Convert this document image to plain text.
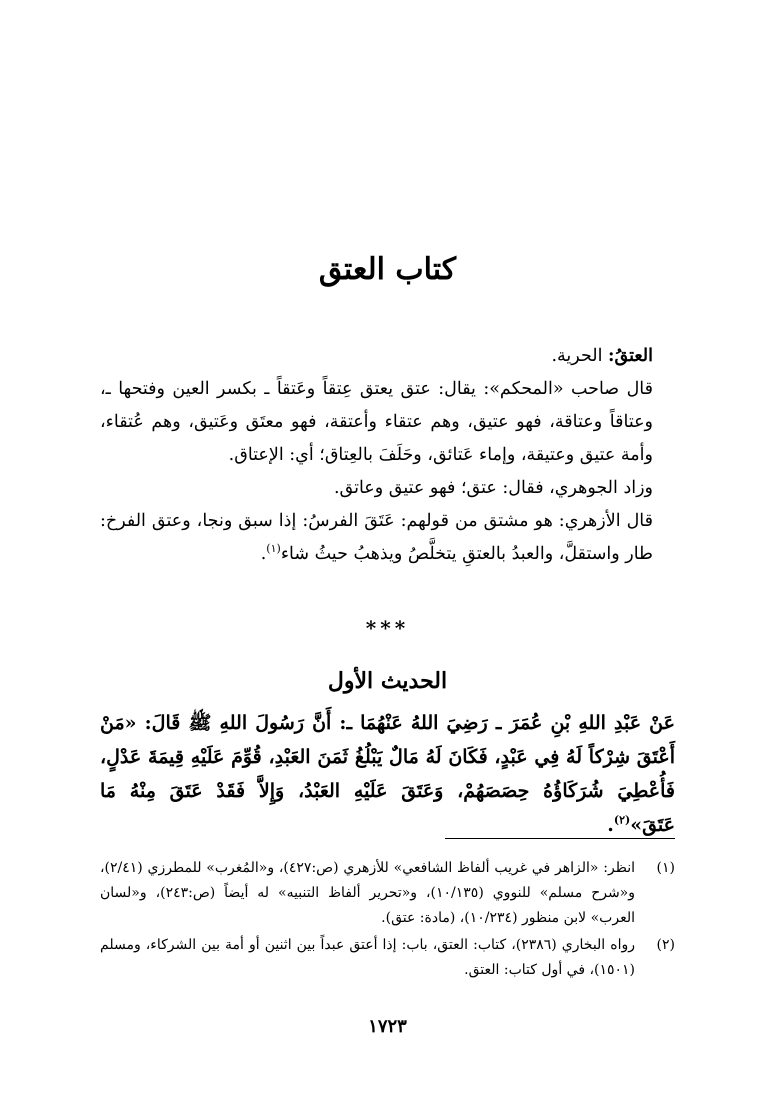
كتاب العتق

العتقُ: الحرية.

قال صاحب «المحكم»: يقال: عتق يعتق عِتقاً وعَتقاً ـ بكسر العين وفتحها ـ، وعتاقاً وعتاقة، فهو عتيق، وهم عتقاء وأعتقة، فهو معتَق وعَتيق، وهم عُتقاء، وأمة عتيق وعتيقة، وإماء عَتائق، وحَلَفَ بالعِتاق؛ أي: الإعتاق.

وزاد الجوهري، فقال: عتق؛ فهو عتيق وعاتق.

قال الأزهري: هو مشتق من قولهم: عَتَقَ الفرسُ: إذا سبق ونجا، وعتق الفرخ: طار واستقلَّ، والعبدُ بالعتقِ يتخلَّصُ ويذهبُ حيثُ شاء$^{(١)}$.

***
الحديث الأول

عَنْ عَبْدِ اللهِ بْنِ عُمَرَ ـ رَضِيَ اللهُ عَنْهُمَا ـ: أَنَّ رَسُولَ اللهِ ﷺ قَالَ: «مَنْ أَعْتَقَ شِرْكاً لَهُ فِي عَبْدٍ، فَكَانَ لَهُ مَالٌ يَبْلُغُ ثَمَنَ العَبْدِ، قُوِّمَ عَلَيْهِ قِيمَةَ عَدْلٍ، فَأُعْطِيَ شُرَكَاؤُهُ حِصَصَهُمْ، وَعَتَقَ عَلَيْهِ العَبْدُ، وَإِلاَّ فَقَدْ عَتَقَ مِنْهُ مَا عَتَقَ»$^{(٢)}$.

(١)
انظر: «الزاهر في غريب ألفاظ الشافعي» للأزهري (ص:٤٢٧)، و«المُغرب» للمطرزي (٢/٤١)، و«شرح مسلم» للنووي (١٠/١٣٥)، و«تحرير ألفاظ التنبيه» له أيضاً (ص:٢٤٣)، و«لسان العرب» لابن منظور (١٠/٢٣٤)، (مادة: عتق).
(٢)
رواه البخاري (٢٣٨٦)، كتاب: العتق، باب: إذا أعتق عبداً بين اثنين أو أمة بين الشركاء، ومسلم (١٥٠١)، في أول كتاب: العتق.
١٧٢٣
